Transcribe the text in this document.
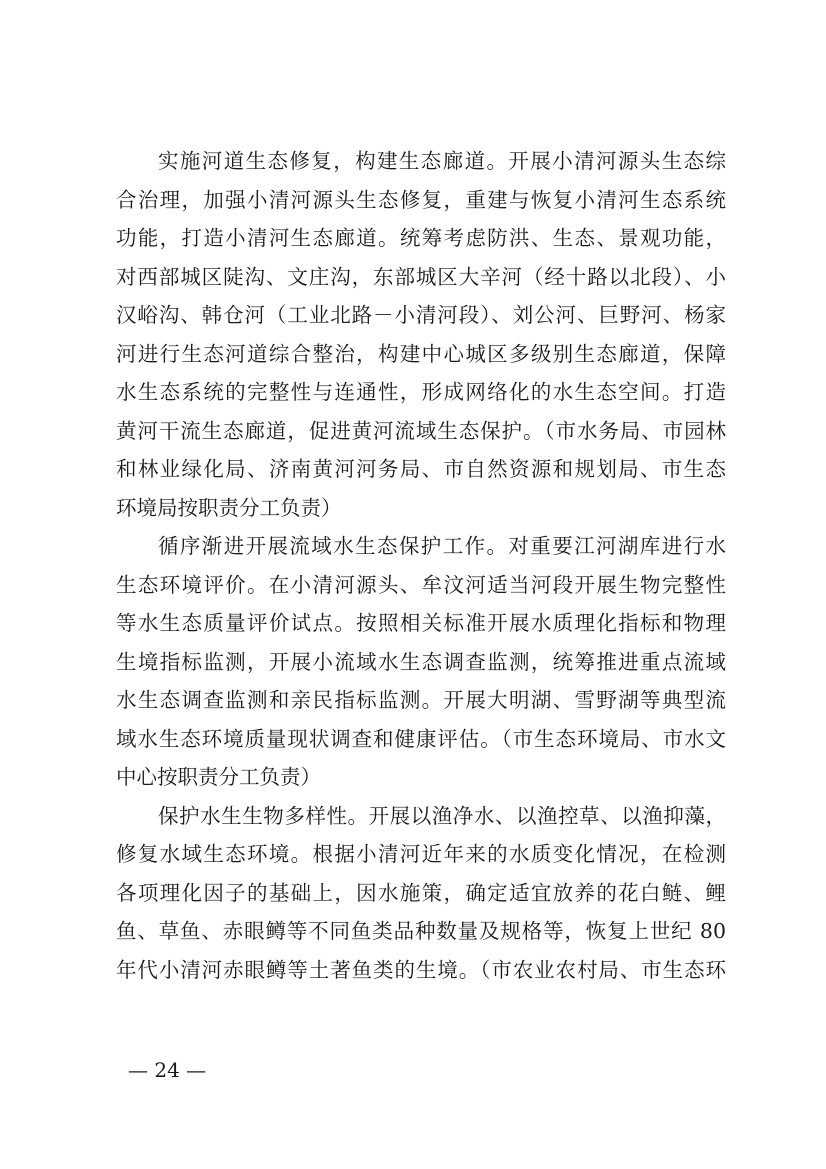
实施河道生态修复，构建生态廊道。开展小清河源头生态综
合治理，加强小清河源头生态修复，重建与恢复小清河生态系统
功能，打造小清河生态廊道。统筹考虑防洪、生态、景观功能，
对西部城区陡沟、文庄沟，东部城区大辛河（经十路以北段）、小
汉峪沟、韩仓河（工业北路－小清河段）、刘公河、巨野河、杨家
河进行生态河道综合整治，构建中心城区多级别生态廊道，保障
水生态系统的完整性与连通性，形成网络化的水生态空间。打造
黄河干流生态廊道，促进黄河流域生态保护。（市水务局、市园林
和林业绿化局、济南黄河河务局、市自然资源和规划局、市生态
环境局按职责分工负责）
循序渐进开展流域水生态保护工作。对重要江河湖库进行水
生态环境评价。在小清河源头、牟汶河适当河段开展生物完整性
等水生态质量评价试点。按照相关标准开展水质理化指标和物理
生境指标监测，开展小流域水生态调查监测，统筹推进重点流域
水生态调查监测和亲民指标监测。开展大明湖、雪野湖等典型流
域水生态环境质量现状调查和健康评估。（市生态环境局、市水文
中心按职责分工负责）
保护水生生物多样性。开展以渔净水、以渔控草、以渔抑藻，
修复水域生态环境。根据小清河近年来的水质变化情况，在检测
各项理化因子的基础上，因水施策，确定适宜放养的花白鲢、鲤
鱼、草鱼、赤眼鳟等不同鱼类品种数量及规格等，恢复上世纪 80
年代小清河赤眼鳟等土著鱼类的生境。（市农业农村局、市生态环
— 24 —
